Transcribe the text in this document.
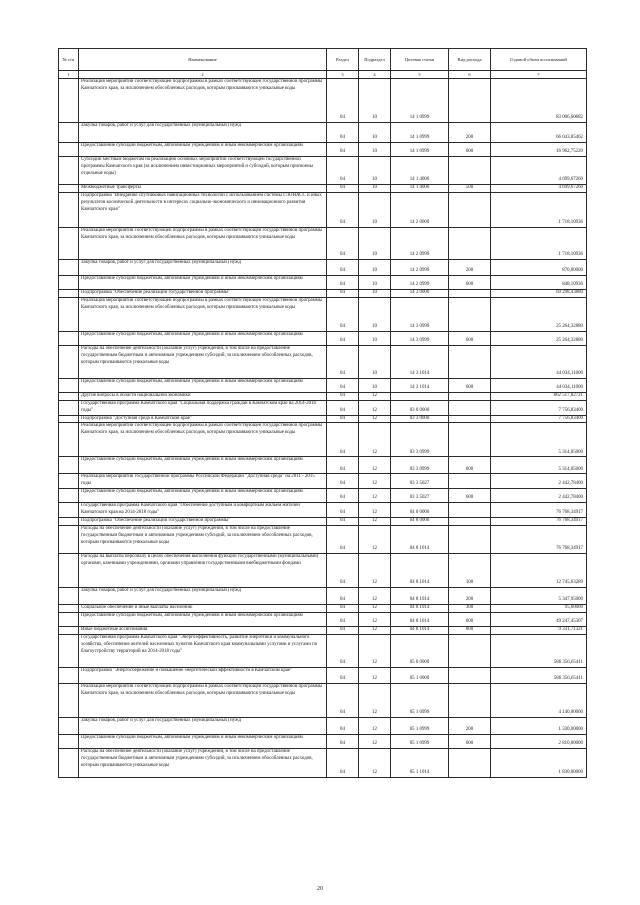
№ п/п	Наименование	Раздел	Подраздел	Целевая статья	Вид расхода	Годовой объем ассигнований
1	2	3	4	5	6	7
	Реализация мероприятий соответствующей подпрограммы в рамках соответствующей государственной программы Камчатского края, за исключением обособленных расходов, которым присваиваются уникальные коды	04	10	14 1 0999		83 006,60682
	Закупка товаров, работ и услуг для государственных (муниципальных) нужд	04	10	14 1 0999	200	66 043,85462
	Предоставление субсидий бюджетным, автономным учреждениям и иным некоммерческим организациям	04	10	14 1 0999	600	16 962,75220
	Субсидии местным бюджетам на реализацию основных мероприятий соответствующей государственной программы Камчатского края (за исключением инвестиционных мероприятий и субсидий, которым присвоены отдельные коды)	04	10	14 1 4006		4 699,67260
	Межбюджетные трансферты	04	10	14 1 4006	500	4 699,67260
	Подпрограмма "Внедрение спутниковых навигационных технологий с использованием системы ГЛОНАСС и иных результатов космической деятельности в интересах социально-экономического и инновационного развития Камчатского края"	04	10	14 2 0000		1 718,10936
	Реализация мероприятий соответствующей подпрограммы в рамках соответствующей государственной программы Камчатского края, за исключением обособленных расходов, которым присваиваются уникальные коды	04	10	14 2 0999		1 718,10936
	Закупка товаров, работ и услуг для государственных (муниципальных) нужд	04	10	14 2 0999	200	870,00000
	Предоставление субсидий бюджетным, автономным учреждениям и иным некоммерческим организациям	04	10	14 2 0999	600	848,10936
	Подпрограмма "Обеспечение реализации государственной программы"	04	10	14 3 0000		69 298,43880
	Реализация мероприятий соответствующей подпрограммы в рамках соответствующей государственной программы Камчатского края, за исключением обособленных расходов, которым присваиваются уникальные коды	04	10	14 3 0999		25 264,32880
	Предоставление субсидий бюджетным, автономным учреждениям и иным некоммерческим организациям	04	10	14 3 0999	600	25 264,32880
	Расходы на обеспечение деятельности (оказание услуг) учреждений, в том числе на предоставление государственным бюджетным и автономным учреждениям субсидий, за исключением обособленных расходов, которым присваиваются уникальные коды	04	10	14 3 1014		44 034,11000
	Предоставление субсидий бюджетным, автономным учреждениям и иным некоммерческим организациям	04	10	14 3 1014	600	44 034,11000
	Другие вопросы в области национальной экономики	04	12			862 517,82721
	Государственная программа Камчатского края "Социальная поддержка граждан в Камчатском крае на 2014-2018 годы"	04	12	03 0 0000		7 756,83400
	Подпрограмма "Доступная среда в Камчатском крае"	04	12	03 3 0000		7 756,83400
	Реализация мероприятий соответствующей подпрограммы в рамках соответствующей государственной программы Камчатского края, за исключением обособленных расходов, которым присваиваются уникальные коды	04	12	03 3 0999		5 314,05000
	Предоставление субсидий бюджетным, автономным учреждениям и иным некоммерческим организациям	04	12	03 3 0999	600	5 314,05000
	Реализация мероприятий государственной программы Российской Федерации "Доступная среда" на 2011 - 2015 годы	04	12	03 3 5027		2 442,78400
	Предоставление субсидий бюджетным, автономным учреждениям и иным некоммерческим организациям	04	12	03 3 5027	600	2 442,78400
	Государственная программа Камчатского края "Обеспечение доступным и комфортным жильем жителей Камчатского края на 2014-2018 годы"	04	12	04 0 0000		76 768,34917
	Подпрограмма "Обеспечение реализации государственной программы"	04	12	04 8 0000		76 768,34917
	Расходы на обеспечение деятельности (оказание услуг) учреждений, в том числе на предоставление государственным бюджетным и автономным учреждениям субсидий, за исключением обособленных расходов, которым присваиваются уникальные коды	04	12	04 8 1014		76 768,34917
	Расходы на выплаты персоналу в целях обеспечения выполнения функций государственными (муниципальными) органами, казенными учреждениями, органами управления государственными внебюджетными фондами	04	12	04 8 1014	100	12 745,63289
	Закупка товаров, работ и услуг для государственных (муниципальных) нужд	04	12	04 8 1014	200	5 347,95000
	Социальное обеспечение и иные выплаты населению	04	12	04 8 1014	300	95,60000
	Предоставление субсидий бюджетным, автономным учреждениям и иным некоммерческим организациям	04	12	04 8 1014	600	49 247,45307
	Иные бюджетные ассигнования	04	12	04 8 1014	800	9 331,71321
	Государственная программа Камчатского края "Энергоэффективность, развитие энергетики и коммунального хозяйства, обеспечение жителей населенных пунктов Камчатского края коммунальными услугами и услугами по благоустройству территорий на 2014-2018 годы"	04	12	05 0 0000		586 356,65411
	Подпрограмма "Энергосбережение и повышение энергетической эффективности в Камчатском крае"	04	12	05 1 0000		586 356,65411
	Реализация мероприятий соответствующей подпрограммы в рамках соответствующей государственной программы Камчатского края, за исключением обособленных расходов, которым присваиваются уникальные коды	04	12	05 1 0999		4 140,00000
	Закупка товаров, работ и услуг для государственных (муниципальных) нужд	04	12	05 1 0999	200	1 330,00000
	Предоставление субсидий бюджетным, автономным учреждениям и иным некоммерческим организациям	04	12	05 1 0999	600	2 810,00000
	Расходы на обеспечение деятельности (оказание услуг) учреждений, в том числе на предоставление государственным бюджетным и автономным учреждениям субсидий, за исключением обособленных расходов, которым присваиваются уникальные коды	04	12	05 1 1014		1 830,00000
20
